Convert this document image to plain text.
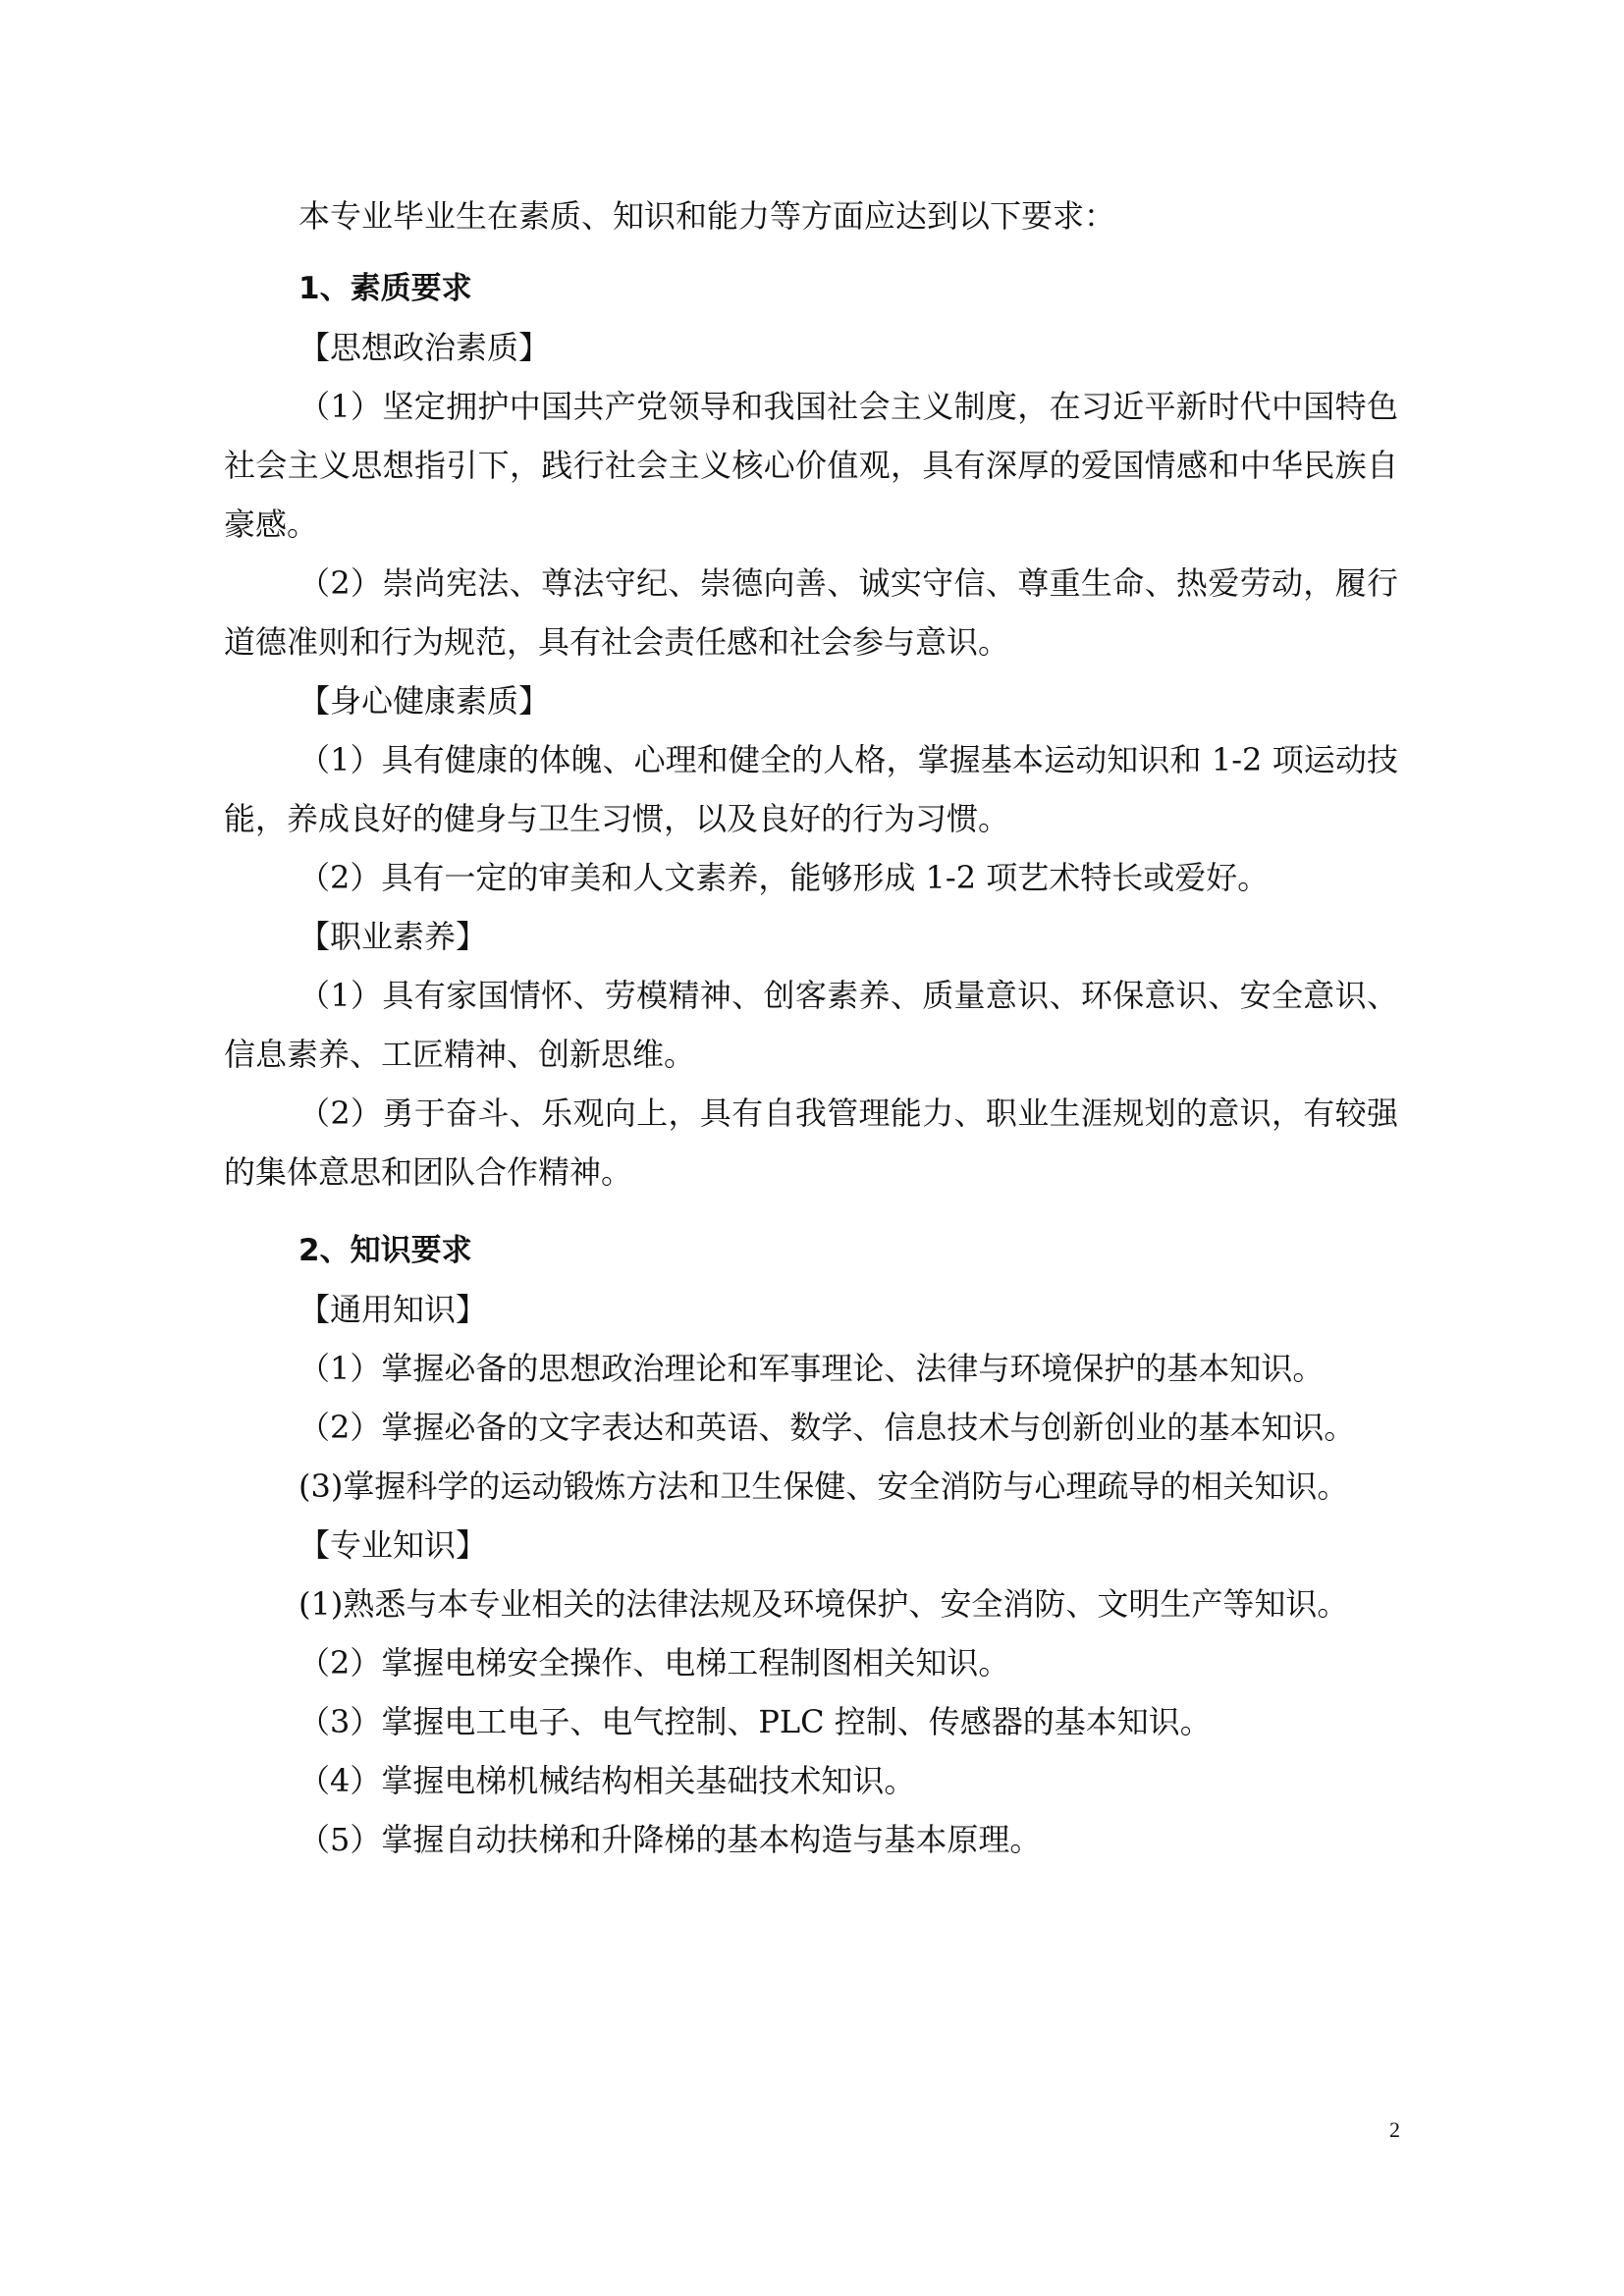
本专业毕业生在素质、知识和能力等方面应达到以下要求：

1、素质要求

【思想政治素质】

（1）坚定拥护中国共产党领导和我国社会主义制度，在习近平新时代中国特色社会主义思想指引下，践行社会主义核心价值观，具有深厚的爱国情感和中华民族自豪感。

（2）崇尚宪法、尊法守纪、崇德向善、诚实守信、尊重生命、热爱劳动，履行道德准则和行为规范，具有社会责任感和社会参与意识。

【身心健康素质】

（1）具有健康的体魄、心理和健全的人格，掌握基本运动知识和 1-2 项运动技能，养成良好的健身与卫生习惯，以及良好的行为习惯。

（2）具有一定的审美和人文素养，能够形成 1-2 项艺术特长或爱好。

【职业素养】

（1）具有家国情怀、劳模精神、创客素养、质量意识、环保意识、安全意识、信息素养、工匠精神、创新思维。

（2）勇于奋斗、乐观向上，具有自我管理能力、职业生涯规划的意识，有较强的集体意思和团队合作精神。

2、知识要求

【通用知识】

（1）掌握必备的思想政治理论和军事理论、法律与环境保护的基本知识。

（2）掌握必备的文字表达和英语、数学、信息技术与创新创业的基本知识。

(3)掌握科学的运动锻炼方法和卫生保健、安全消防与心理疏导的相关知识。

【专业知识】

(1)熟悉与本专业相关的法律法规及环境保护、安全消防、文明生产等知识。

（2）掌握电梯安全操作、电梯工程制图相关知识。

（3）掌握电工电子、电气控制、PLC 控制、传感器的基本知识。

（4）掌握电梯机械结构相关基础技术知识。

（5）掌握自动扶梯和升降梯的基本构造与基本原理。

2
